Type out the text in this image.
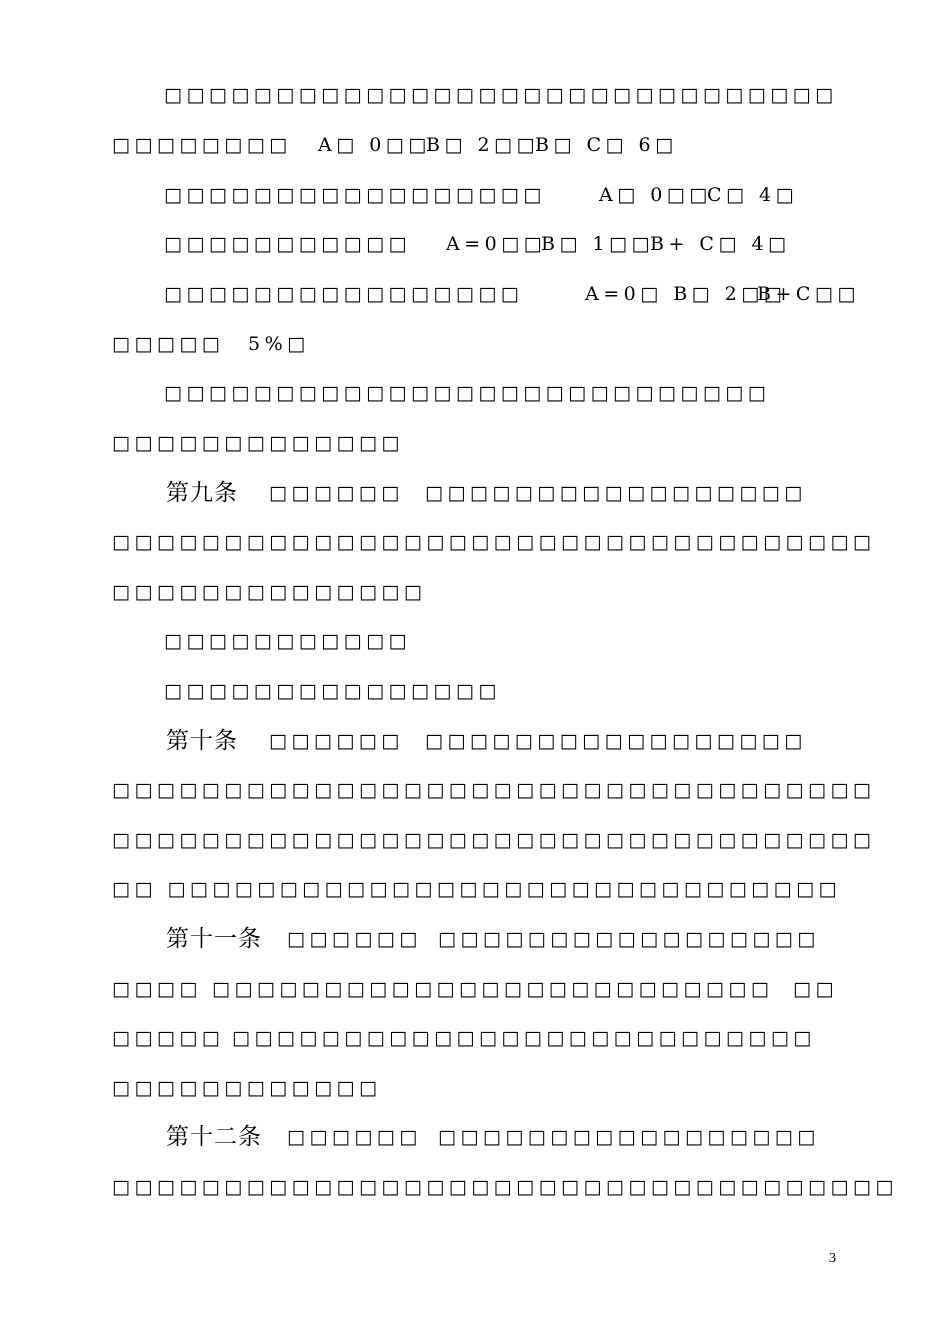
□□□□□□□□□□□□□□□□□□□□□□□□□□□□□□
□□□□□□□□ A□ 0□□
B□ 2□□
B□ C□ 6□
□□□□□□□□□□□□□□□□□	A□ 0□□
C□ 4□
□□□□□□□□□□□ A=0□□
B□ 1□□
B+ C□ 4□
□□□□□□□□□□□□□□□□	A=0□ B□ 2□□
B+C□□
□□□□□ 5%□
□□□□□□□□□□□□□□□□□□□□□□□□□□□
□□□□□□□□□□□□□
第九条 □□□□□□ □□□□□□□□□□□□□□□□□
□□□□□□□□□□□□□□□□□□□□□□□□□□□□□□□□□□
□□□□□□□□□□□□□□
□□□□□□□□□□□
□□□□□□□□□□□□□□□
第十条 □□□□□□ □□□□□□□□□□□□□□□□□
□□□□□□□□□□□□□□□□□□□□□□□□□□□□□□□□□□
□□□□□□□□□□□□□□□□□□□□□□□□□□□□□□□□□□
□□ □□□□□□□□□□□□□□□□□□□□□□□□□□□□□□
第十一条 □□□□□□ □□□□□□□□□□□□□□□□□
□□□□ □□□□□□□□□□□□□□□□□□□□□□□□□ □□
□□□□□ □□□□□□□□□□□□□□□□□□□□□□□□□□
□□□□□□□□□□□□
第十二条 □□□□□□ □□□□□□□□□□□□□□□□□
□□□□□□□□□□□□□□□□□□□□□□□□□□□□□□□□□□□
3
